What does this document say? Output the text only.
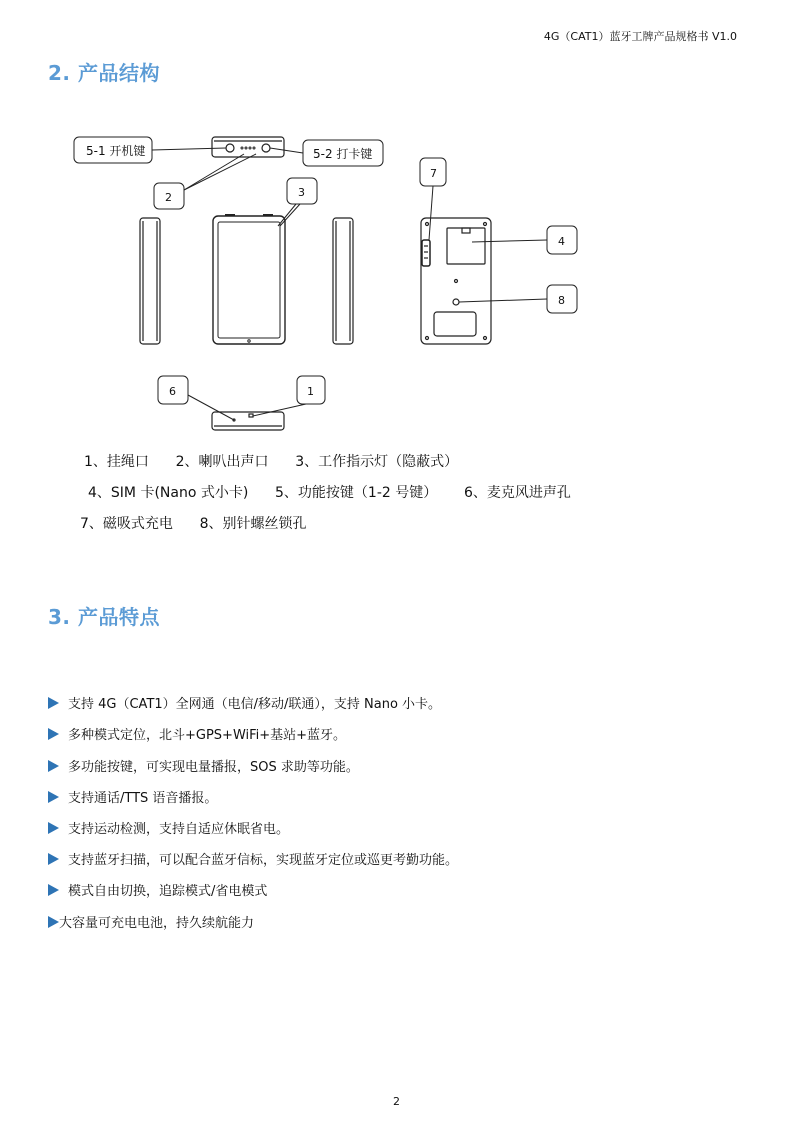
4G（CAT1）蓝牙工牌产品规格书 V1.0
2. 产品结构
5-1 开机键	5-2 打卡键
2	3
7
4
8
6	1
1、挂绳口      2、喇叭出声口      3、工作指示灯（隐蔽式）
4、SIM 卡(Nano 式小卡)      5、功能按键（1-2 号键）      6、麦克风进声孔
7、磁吸式充电      8、别针螺丝锁孔
3. 产品特点
支持 4G（CAT1）全网通（电信/移动/联通），支持 Nano 小卡。
多种模式定位，北斗+GPS+WiFi+基站+蓝牙。
多功能按键，可实现电量播报，SOS 求助等功能。
支持通话/TTS 语音播报。
支持运动检测，支持自适应休眠省电。
支持蓝牙扫描，可以配合蓝牙信标，实现蓝牙定位或巡更考勤功能。
模式自由切换，追踪模式/省电模式
大容量可充电电池，持久续航能力
2
